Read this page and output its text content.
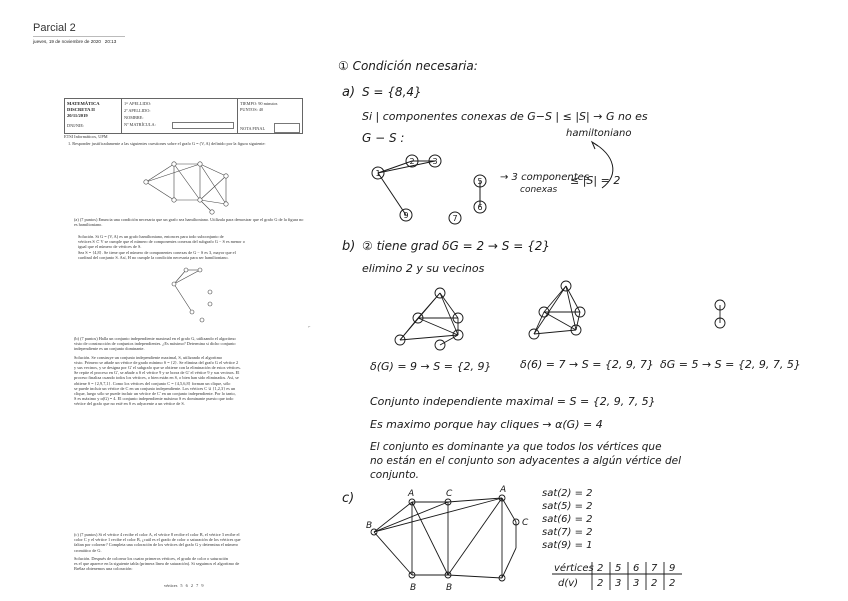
Parcial 2
jueves, 19 de noviembre de 2020 20:13
MATEMÁTICA
DISCRETA II
20/11/2019
DNI/NIE:
1ᵉʳ APELLIDO:
2º APELLIDO:
NOMBRE:
Nº MATRÍCULA:
TIEMPO: 90 minutos
PUNTOS: 40
NOTA FINAL
ETSI Informáticos, UPM
1. Responder justificadamente a las siguientes cuestiones sobre el grafo G = (V, A) definido por la figura siguiente:
(a) (7 puntos) Enuncia una condición necesaria que un grafo sea hamiltoniano. Utilízala para demostrar que el grafo G de la figura no es hamiltoniano.
Solución. Si G = (V, A) es un grafo hamiltoniano, entonces para todo subconjunto de
vértices S ⊂ V se cumple que el número de componentes conexas del subgrafo G − S es menor o
igual que el número de vértices de S.
Sea S = {4,8}. Se tiene que el número de componentes conexas de G − S es 3, mayor que el
cardinal del conjunto S. Así, H no cumple la condición necesaria para ser hamiltoniano.
⌐
(b) (7 puntos) Halla un conjunto independiente maximal en el grafo G, utilizando el algoritmo
visto de construcción de conjuntos independientes. ¿Es máximo? Determina si dicho conjunto
independiente es un conjunto dominante.
Solución. Se construye un conjunto independiente maximal, S, utilizando el algoritmo
visto. Primero se añade un vértice de grado mínimo S = {2}. Se elimina del grafo G el vértice 2
y sus vecinos, y se designa por G' el subgrafo que se obtiene con la eliminación de estos vértices.
Se repite el proceso en G', se añade a S el vértice 9 y se borra de G' el vértice 9 y sus vecinos. El
proceso finaliza cuando todos los vértices, o bien están en S, o bien han sido eliminados. Así, se
obtiene S = {2,9,7,1}. Como los vértices del conjunto C = {4,5,6,8} forman un clique, sólo
se puede incluir un vértice de C en un conjunto independiente. Los vértices C ∪ {1,2,3} es un
clique, luego sólo se puede incluir un vértice de C' en un conjunto independiente. Por lo tanto,
S es máximo y α(G) = 4. El conjunto independiente máximo S es dominante puesto que todo
vértice del grafo que no esté en S es adyacente a un vértice de S.
(c) (7 puntos) Si el vértice 4 recibe el color A, el vértice 8 recibe el color B, el vértice 3 recibe el
color C y el vértice 1 recibe el color B, ¿cuál es el grado de color o saturación de los vértices que
faltan por colorear? Completa una coloración de los vértices del grafo G y determina el número
cromático de G.
Solución. Después de colorear los cuatro primeros vértices, el grado de color o saturación
es el que aparece en la siguiente tabla (primera línea de saturación). Si seguimos el algoritmo de
Brélaz obtenemos una coloración:
vértices 5 6 2 7 9
① Condición necesaria:
a) S = {8,4}
Si | componentes conexas de G−S | ≤ |S| → G no es
hamiltoniano
G − S :
→ 3 componentes
conexas
≤ |S| = 2
1
2 3
9
5
6
7
b) ② tiene grad δG = 2 → S = {2}
elimino 2 y su vecinos
δ(G) = 9 → S = {2, 9}	δ(6) = 7 → S = {2, 9, 7} δG = 5 → S = {2, 9, 7, 5}
Conjunto independiente maximal = S = {2, 9, 7, 5}
Es maximo porque hay cliques → α(G) = 4
El conjunto es dominante ya que todos los vértices que
no están en el conjunto son adyacentes a algún vértice del
conjunto.
c)	A	C	A
B	C
B	B
sat(2) = 2
sat(5) = 2
sat(6) = 2
sat(7) = 2
sat(9) = 1
vértices 2 5 6 7 9
d(v) 2 3 3 2 2
